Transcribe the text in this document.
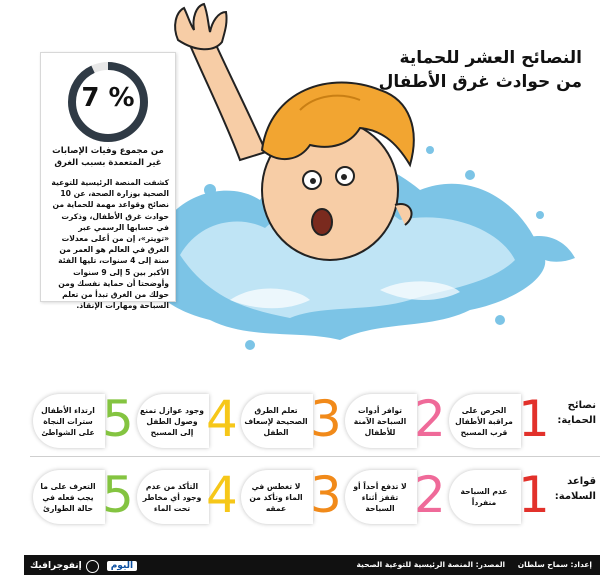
النصائح العشر للحماية
من حوادث غرق الأطفال
7 %
من مجموع وفيات الإصابات غير المتعمدة بسبب الغرق
كشفت المنصة الرئيسية للتوعية الصحية بوزارة الصحة، عن 10 نصائح وقواعد مهمة للحماية من حوادث غرق الأطفال، وذكرت في حسابها الرسمي عبر «تويتر»، إن من أعلى معدلات الغرق في العالم هو العمر من سنة إلى 4 سنوات، تليها الفئة الأكبر بين 5 إلى 9 سنوات وأوضحتا أن حماية نفسك ومن حولك من الغرق تبدأ من تعلم السباحة ومهارات الإنقاذ.
نصائح الحماية:
الحرص على مراقبة الأطفال قرب المسبح 1
توافر أدوات السباحة الآمنة للأطفال 2
تعلم الطرق الصحيحة لإسعاف الطفل 3
وجود عوازل تمنع وصول الطفل إلى المسبح 4
ارتداء الأطفال سترات النجاة على الشواطئ 5
قواعد السلامة:
عدم السباحة منفرداً 1
لا تدفع أحداً أو تقفز أثناء السباحة 2
لا تغطس في الماء وتأكد من عمقه 3
التأكد من عدم وجود أي مخاطر تحت الماء 4
التعرف على ما يجب فعله في حالة الطوارئ 5
إعداد: سماح سلطان المصدر: المنصة الرئيسية للتوعية الصحية
اليوم
إنفوجرافيك
